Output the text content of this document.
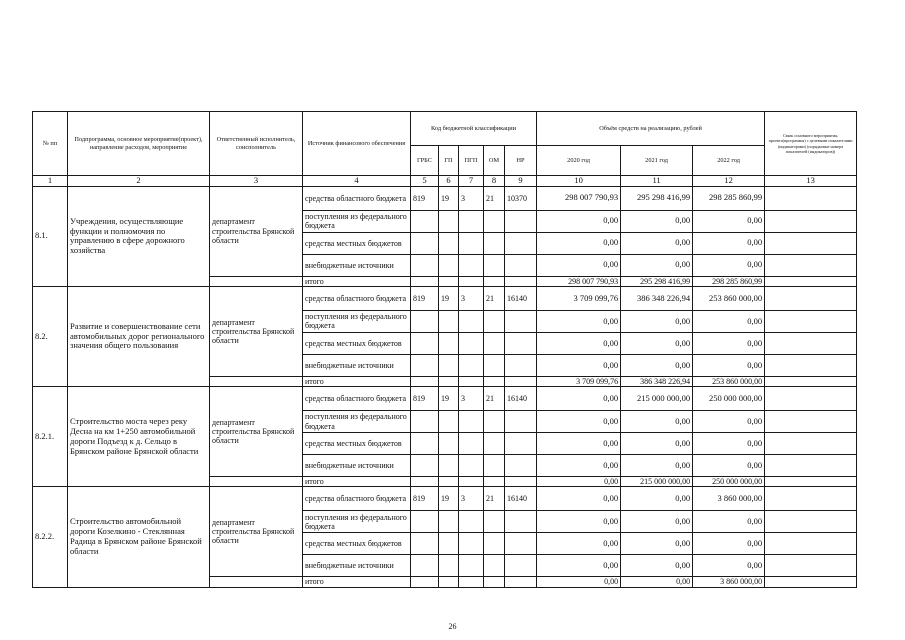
№ пп	Подпрограмма, основное мероприятие(проект), направление расходов, мероприятие	Ответственный исполнитель, соисполнитель	Источник финансового обеспечения	Код бюджетной классификации					Объём средств на реализацию, рублей			Связь основного мероприятия, проекта(программы) с целевыми показателями (индикаторами) (порядковые номера показателей (индикаторов))
				ГРБС	ГП	ПГП	ОМ	НР	2020 год	2021 год	2022 год	
1	2	3	4	5	6	7	8	9	10	11	12	13
8.1.	Учреждения, осуществляющие функции и полномочия по управлению в сфере дорожного хозяйства	департамент строительства Брянской области	средства областного бюджета	819	19	3	21	10370	298 007 790,93	295 298 416,99	298 285 860,99	
			поступления из федерального бюджета						0,00	0,00	0,00	
			средства местных бюджетов						0,00	0,00	0,00	
			внебюджетные источники						0,00	0,00	0,00	
			итого						298 007 790,93	295 298 416,99	298 285 860,99	
8.2.	Развитие и совершенствование сети автомобильных дорог регионального значения общего пользования	департамент строительства Брянской области	средства областного бюджета	819	19	3	21	16140	3 709 099,76	386 348 226,94	253 860 000,00	
			поступления из федерального бюджета						0,00	0,00	0,00	
			средства местных бюджетов						0,00	0,00	0,00	
			внебюджетные источники						0,00	0,00	0,00	
			итого						3 709 099,76	386 348 226,94	253 860 000,00	
8.2.1.	Строительство моста через реку Десна на км 1+250 автомобильной дороги Подъезд к д. Сельцо в Брянском районе Брянской области	департамент строительства Брянской области	средства областного бюджета	819	19	3	21	16140	0,00	215 000 000,00	250 000 000,00	
			поступления из федерального бюджета						0,00	0,00	0,00	
			средства местных бюджетов						0,00	0,00	0,00	
			внебюджетные источники						0,00	0,00	0,00	
			итого						0,00	215 000 000,00	250 000 000,00	
8.2.2.	Строительство автомобильной дороги Козелкино - Стеклянная Радица в Брянском районе Брянской области	департамент строительства Брянской области	средства областного бюджета	819	19	3	21	16140	0,00	0,00	3 860 000,00	
			поступления из федерального бюджета						0,00	0,00	0,00	
			средства местных бюджетов						0,00	0,00	0,00	
			внебюджетные источники						0,00	0,00	0,00	
			итого						0,00	0,00	3 860 000,00	
26
